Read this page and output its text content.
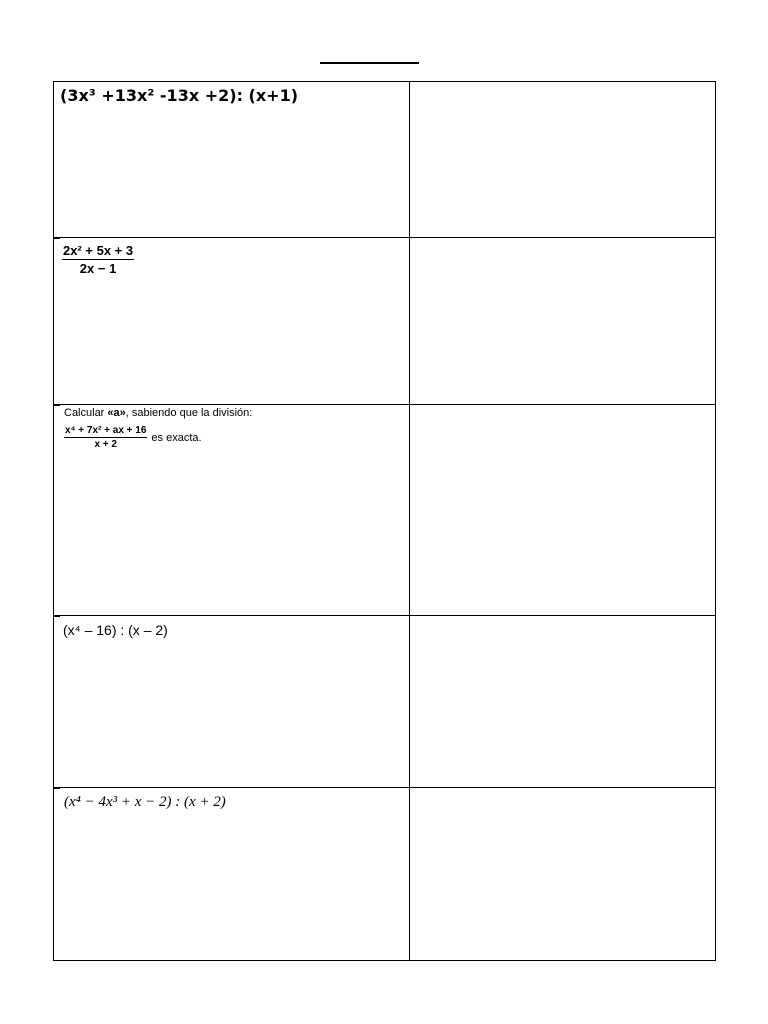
(3x³ +13x² -13x +2): (x+1)	

$\frac{\text{2x² + 5x + 3}}{2x - 1}$

Calcular «a», sabiendo que la división:
$\frac{\text{x⁴ + 7x² + ax + 16}}{x + 2}$ es exacta.	

(x⁴ – 16) : (x – 2)	

(x⁴ − 4x³ + x − 2) : (x + 2)	
